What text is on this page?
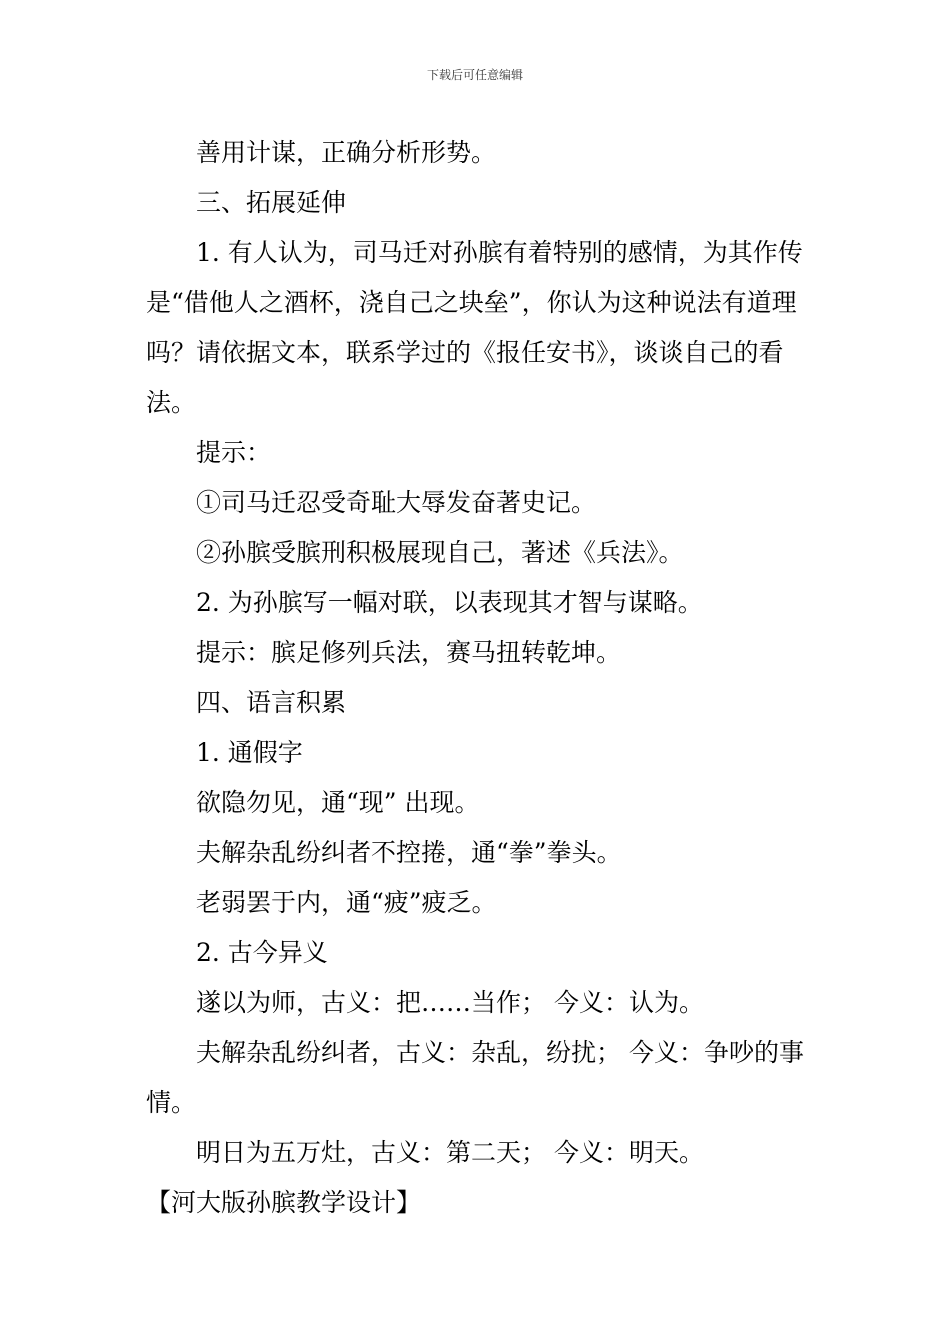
下载后可任意编辑

善用计谋，正确分析形势。

三、拓展延伸

1. 有人认为，司马迁对孙膑有着特别的感情，为其作传是“借他人之酒杯，浇自己之块垒”，你认为这种说法有道理吗？请依据文本，联系学过的《报任安书》，谈谈自己的看法。

提示：

①司马迁忍受奇耻大辱发奋著史记。

②孙膑受膑刑积极展现自己，著述《兵法》。

2. 为孙膑写一幅对联，以表现其才智与谋略。

提示：膑足修列兵法，赛马扭转乾坤。

四、语言积累

1. 通假字

欲隐勿见，通“现” 出现。

夫解杂乱纷纠者不控捲，通“拳”拳头。

老弱罢于内，通“疲”疲乏。

2. 古今异义

遂以为师，古义：把……当作； 今义：认为。

夫解杂乱纷纠者，古义：杂乱，纷扰； 今义：争吵的事情。

明日为五万灶，古义：第二天； 今义：明天。

【河大版孙膑教学设计】
